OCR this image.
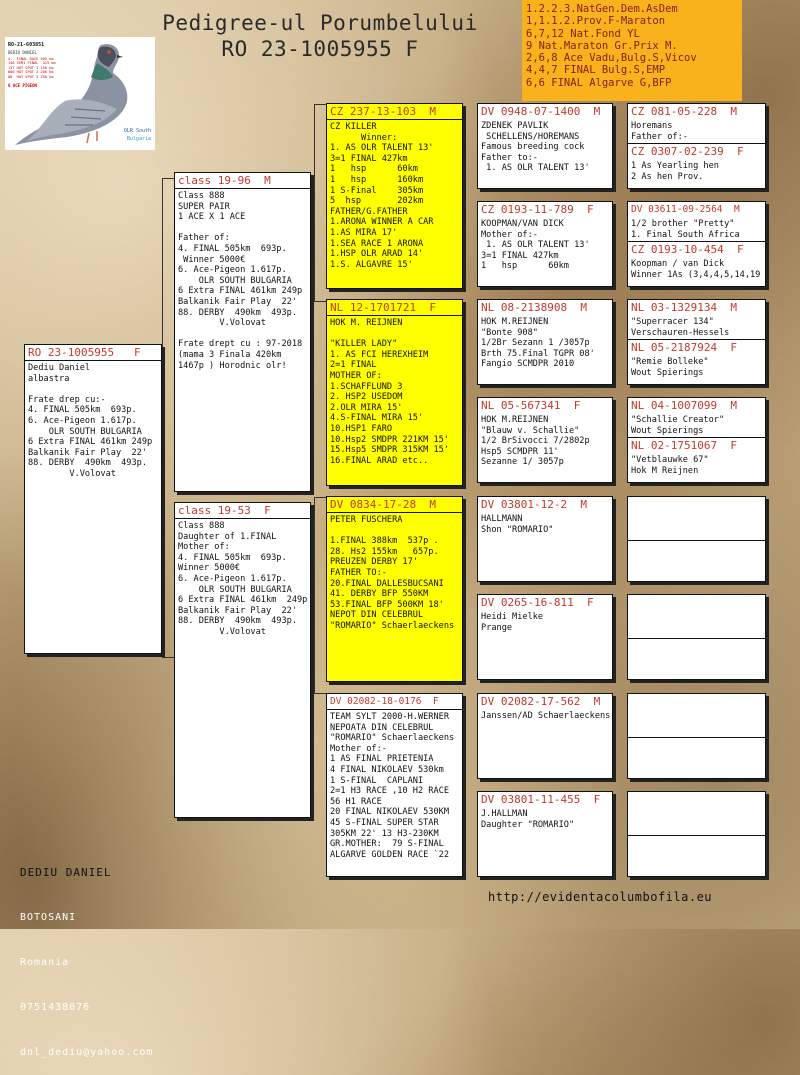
Pedigree-ul Porumbelului
RO 23-1005955 F
1.2.2.3.NatGen.Dem.AsDem
1,1.1.2.Prov.F-Maraton
6,7,12 Nat.Fond YL
9 Nat.Maraton Gr.Prix M.
2,6,8 Ace Vadu,Bulg.S,Vicov
4,4,7 FINAL Bulg.S,EMP
6,6 FINAL Algarve G,BFP
RO-21-603851
DEDIU DANIEL
4.  FINAL RACE 505 km
146 SEMI FINAL  315 km
137 HOT SPOT 1 150 km
680 HOT SPOT 2 200 km
88  HOT SPOT 3 250 km
6 ACE PIGEON
OLR South
Bulgaria
RO 23-1005955 F
Dediu Daniel
albastra

Frate drep cu:-
4. FINAL 505km  693p.
6. Ace-Pigeon 1.617p.
OLR SOUTH BULGARIA
6 Extra FINAL 461km 249p
Balkanik Fair Play  22'
88. DERBY  490km  493p.
V.Volovat
class 19-96 M
Class 888
SUPER PAIR
1 ACE X 1 ACE

Father of:
4. FINAL 505km  693p.
Winner 5000€
6. Ace-Pigeon 1.617p.
OLR SOUTH BULGARIA
6 Extra FINAL 461km 249p
Balkanik Fair Play  22'
88. DERBY  490km  493p.
V.Volovat

Frate drept cu : 97-2018
(mama 3 Finala 420km
1467p ) Horodnic olr!
class 19-53 F
Class 888
Daughter of 1.FINAL
Mother of:
4. FINAL 505km  693p.
Winner 5000€
6. Ace-Pigeon 1.617p.
OLR SOUTH BULGARIA
6 Extra FINAL 461km  249p
Balkanik Fair Play  22'
88. DERBY  490km  493p.
V.Volovat
CZ 237-13-103 M
CZ KILLER
Winner:
1. AS OLR TALENT 13'
3=1 FINAL 427km
1   hsp      60km
1   hsp      160km
1 S-Final    305km
5  hsp       202km
FATHER/G.FATHER
1.ARONA WINNER A CAR
1.AS MIRA 17'
1.SEA RACE 1 ARONA
1.HSP OLR ARAD 14'
1.S. ALGAVRE 15'
NL 12-1701721 F
HOK M. REIJNEN

"KILLER LADY"
1. AS FCI HEREXHEIM
2=1 FINAL
MOTHER OF:
1.SCHAFFLUND 3
2. HSP2 USEDOM
2.OLR MIRA 15'
4.S-FINAL MIRA 15'
10.HSP1 FARO
10.Hsp2 SMDPR 221KM 15'
15.Hsp5 SMDPR 315KM 15'
16.FINAL ARAD etc..
DV 0834-17-28 M
PETER FUSCHERA

1.FINAL 388km  537p .
28. Hs2 155km   657p.
PREUZEN DERBY 17'
FATHER TO:-
20.FINAL DALLESBUCSANI
41. DERBY BFP 550KM
53.FINAL BFP 500KM 18'
NEPOT DIN CELEBRUL
"ROMARIO" Schaerlaeckens
DV 02082-18-0176 F
TEAM SYLT 2000-H.WERNER
NEPOATA DIN CELEBRUL
"ROMARIO" Schaerlaeckens
Mother of:-
1 AS FINAL PRIETENIA
4 FINAL NIKOLAEV 530km
1 S-FINAL  CAPLANI
2=1 H3 RACE ,10 H2 RACE
56 H1 RACE
20 FINAL NIKOLAEV 530KM
45 S-FINAL SUPER STAR
305KM 22' 13 H3-230KM
GR.MOTHER:  79 S-FINAL
ALGARVE GOLDEN RACE `22
DV 0948-07-1400 M
ZDENEK PAVLIK
SCHELLENS/HOREMANS
Famous breeding cock
Father to:-
1. AS OLR TALENT 13'
CZ 0193-11-789 F
KOOPMAN/VAN DICK
Mother of:-
1. AS OLR TALENT 13'
3=1 FINAL 427km
1   hsp      60km
NL 08-2138908 M
HOK M.REIJNEN
"Bonte 908"
1/2Br Sezann 1 /3057p
Brth 75.Final TGPR 08'
Fangio SCMDPR 2010
NL 05-567341 F
HOK M.REIJNEN
"Blauw v. Schallie"
1/2 BrSivocci 7/2802p
Hsp5 SCMDPR 11'
Sezanne 1/ 3057p
DV 03801-12-2 M
HALLMANN
Shon "ROMARIO"
DV 0265-16-811 F
Heidi Mielke
Prange
DV 02082-17-562 M
Janssen/AD Schaerlaeckens
DV 03801-11-455 F
J.HALLMAN
Daughter "ROMARIO"
CZ 081-05-228 M
Horemans
Father of:-
CZ 0307-02-239 F
1 As Yearling hen
2 As hen Prov.
DV 03611-09-2564 M
1/2 brother "Pretty"
1. Final South Africa
CZ 0193-10-454 F
Koopman / van Dick
Winner 1As (3,4,4,5,14,19
NL 03-1329134 M
"Superracer 134"
Verschauren-Hessels
NL 05-2187924 F
"Remie Bolleke"
Wout Spierings
NL 04-1007099 M
"Schallie Creator"
Wout Spierings
NL 02-1751067 F
"Vetblauwke 67"
Hok M Reijnen

DEDIU DANIEL

BOTOSANI

Romania

0751438076

dnl_dediu@yahoo.com

http://evidentacolumbofila.eu
